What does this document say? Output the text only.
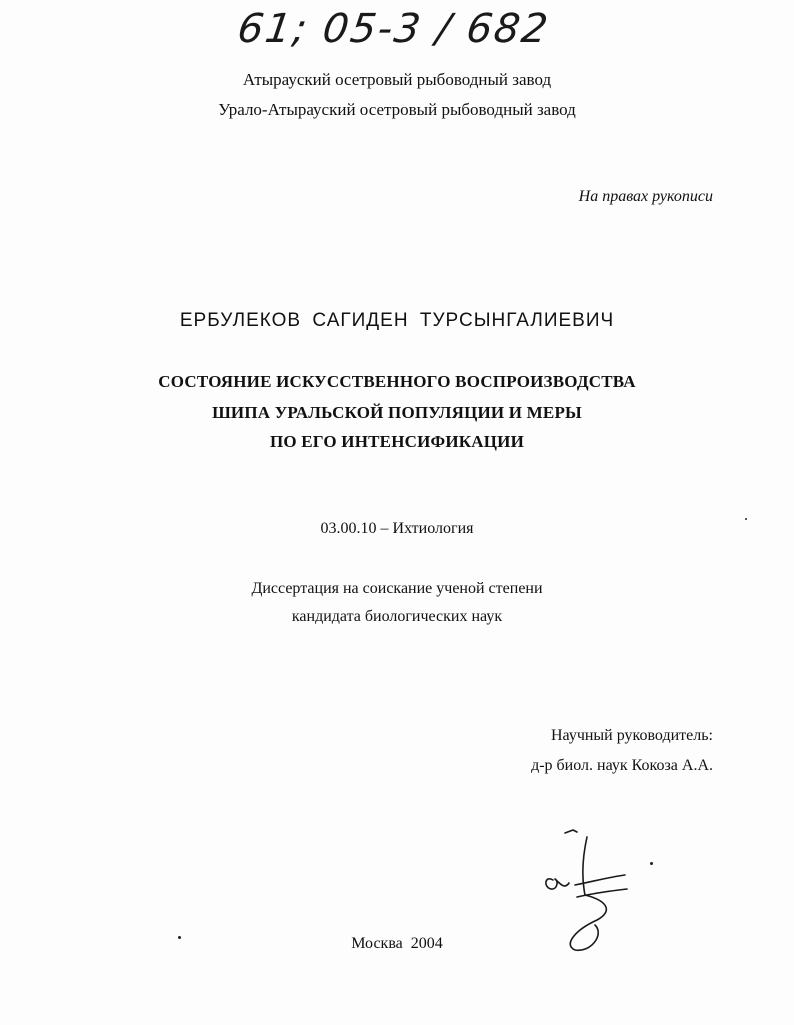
61; 05-3 / 682
Атырауский осетровый рыбоводный завод
Урало-Атырауский осетровый рыбоводный завод
На правах рукописи
ЕРБУЛЕКОВ САГИДЕН ТУРСЫНГАЛИЕВИЧ
СОСТОЯНИЕ ИСКУССТВЕННОГО ВОСПРОИЗВОДСТВА
ШИПА УРАЛЬСКОЙ ПОПУЛЯЦИИ И МЕРЫ
ПО ЕГО ИНТЕНСИФИКАЦИИ
03.00.10 – Ихтиология
Диссертация на соискание ученой степени
кандидата биологических наук
Научный руководитель:
д-р биол. наук Кокоза А.А.
Москва 2004
